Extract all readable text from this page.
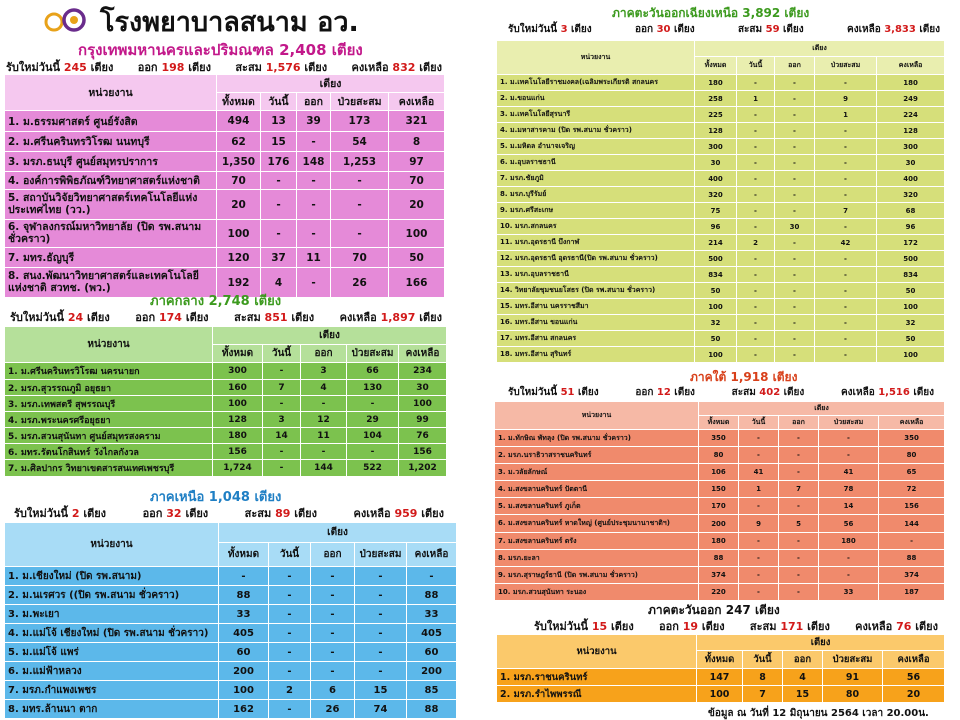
โรงพยาบาลสนาม อว.
กรุงเทพมหานครและปริมณฑล 2,408 เตียง
รับใหม่วันนี้ 245 เตียง ออก 198 เตียง สะสม 1,576 เตียง คงเหลือ 832 เตียง
หน่วยงาน	เตียง				
	ทั้งหมด	วันนี้	ออก	ป่วยสะสม	คงเหลือ
1. ม.ธรรมศาสตร์ ศูนย์รังสิต	494	13	39	173	321
2. ม.ศรีนครินทรวิโรฒ นนทบุรี	62	15	-	54	8
3. มรภ.ธนบุรี ศูนย์สมุทรปราการ	1,350	176	148	1,253	97
4. องค์การพิพิธภัณฑ์วิทยาศาสตร์แห่งชาติ	70	-	-	-	70
5. สถาบันวิจัยวิทยาศาสตร์เทคโนโลยีแห่งประเทศไทย (วว.)	20	-	-	-	20
6. จุฬาลงกรณ์มหาวิทยาลัย (ปิด รพ.สนามชั่วคราว)	100	-	-	-	100
7. มทร.ธัญบุรี	120	37	11	70	50
8. สนง.พัฒนาวิทยาศาสตร์และเทคโนโลยีแห่งชาติ สวทช. (พว.)	192	4	-	26	166
ภาคกลาง 2,748 เตียง
รับใหม่วันนี้ 24 เตียง ออก 174 เตียง สะสม 851 เตียง คงเหลือ 1,897 เตียง
หน่วยงาน	เตียง				
	ทั้งหมด	วันนี้	ออก	ป่วยสะสม	คงเหลือ
1. ม.ศรีนครินทรวิโรฒ นครนายก	300	-	3	66	234
2. มรภ.สุวรรณภูมิ อยุธยา	160	7	4	130	30
3. มรภ.เทพสตรี สุพรรณบุรี	100	-	-	-	100
4. มรภ.พระนครศรีอยุธยา	128	3	12	29	99
5. มรภ.สวนสุนันทา ศูนย์สมุทรสงคราม	180	14	11	104	76
6. มทร.รัตนโกสินทร์ วังไกลกังวล	156	-	-	-	156
7. ม.ศิลปากร วิทยาเขตสารสนเทศเพชรบุรี	1,724	-	144	522	1,202
ภาคเหนือ 1,048 เตียง
รับใหม่วันนี้ 2 เตียง	ออก 32 เตียง	สะสม 89 เตียง	คงเหลือ 959 เตียง
หน่วยงาน	เตียง				
	ทั้งหมด	วันนี้	ออก	ป่วยสะสม	คงเหลือ
1. ม.เชียงใหม่ (ปิด รพ.สนาม)	-	-	-	-	-
2. ม.นเรศวร ((ปิด รพ.สนาม ชั่วคราว)	88	-	-	-	88
3. ม.พะเยา	33	-	-	-	33
4. ม.แม่โจ้ เชียงใหม่ (ปิด รพ.สนาม ชั่วคราว)	405	-	-	-	405
5. ม.แม่โจ้ แพร่	60	-	-	-	60
6. ม.แม่ฟ้าหลวง	200	-	-	-	200
7. มรภ.กำแพงเพชร	100	2	6	15	85
8. มทร.ล้านนา ตาก	162	-	26	74	88
ภาคตะวันออกเฉียงเหนือ 3,892 เตียง
รับใหม่วันนี้ 3 เตียง	ออก 30 เตียง	สะสม 59 เตียง	คงเหลือ 3,833 เตียง
หน่วยงาน	เตียง				
	ทั้งหมด	วันนี้	ออก	ป่วยสะสม	คงเหลือ
1. ม.เทคโนโลยีราชมงคล(เฉลิมพระเกียรติ สกลนคร	180	-	-	-	180
2. ม.ขอนแก่น	258	1	-	9	249
3. ม.เทคโนโลยีสุรนารี	225	-	-	1	224
4. ม.มหาสารคาม (ปิด รพ.สนาม ชั่วคราว)	128	-	-	-	128
5. ม.มหิดล อำนาจเจริญ	300	-	-	-	300
6. ม.อุบลราชธานี	30	-	-	-	30
7. มรภ.ชัยภูมิ	400	-	-	-	400
8. มรภ.บุรีรัมย์	320	-	-	-	320
9. มรภ.ศรีสะเกษ	75	-	-	7	68
10. มรภ.สกลนคร	96	-	30	-	96
11. มรภ.อุดรธานี บึงกาฬ	214	2	-	42	172
12. มรภ.อุดรธานี อุดรธานี(ปิด รพ.สนาม ชั่วคราว)	500	-	-	-	500
13. มรภ.อุบลราชธานี	834	-	-	-	834
14. วิทยาลัยชุมชนยโสธร (ปิด รพ.สนาม ชั่วคราว)	50	-	-	-	50
15. มทร.อีสาน นครราชสีมา	100	-	-	-	100
16. มทร.อีสาน ขอนแก่น	32	-	-	-	32
17. มทร.อีสาน สกลนคร	50	-	-	-	50
18. มทร.อีสาน สุรินทร์	100	-	-	-	100
ภาคใต้ 1,918 เตียง
รับใหม่วันนี้ 51 เตียง	ออก 12 เตียง	สะสม 402 เตียง	คงเหลือ 1,516 เตียง
หน่วยงาน	เตียง				
	ทั้งหมด	วันนี้	ออก	ป่วยสะสม	คงเหลือ
1. ม.ทักษิณ พัทลุง (ปิด รพ.สนาม ชั่วคราว)	350	-	-	-	350
2. มรภ.นราธิวาสราชนครินทร์	80	-	-	-	80
3. ม.วลัยลักษณ์	106	41	-	41	65
4. ม.สงขลานครินทร์ ปัตตานี	150	1	7	78	72
5. ม.สงขลานครินทร์ ภูเก็ต	170	-	-	14	156
6. ม.สงขลานครินทร์ หาดใหญ่ (ศูนย์ประชุมนานาชาติฯ)	200	9	5	56	144
7. ม.สงขลานครินทร์ ตรัง	180	-	-	180	-
8. มรภ.ยะลา	88	-	-	-	88
9. มรภ.สุราษฎร์ธานี (ปิด รพ.สนาม ชั่วคราว)	374	-	-	-	374
10. มรภ.สวนสุนันทา ระนอง	220	-	-	33	187
ภาคตะวันออก 247 เตียง
รับใหม่วันนี้ 15 เตียง ออก 19 เตียง สะสม 171 เตียง คงเหลือ 76 เตียง
หน่วยงาน	เตียง				
	ทั้งหมด	วันนี้	ออก	ป่วยสะสม	คงเหลือ
1. มรภ.ราชนครินทร์	147	8	4	91	56
2. มรภ.รำไพพรรณี	100	7	15	80	20
ข้อมูล ณ วันที่ 12 มิถุนายน 2564 เวลา 20.00น.
